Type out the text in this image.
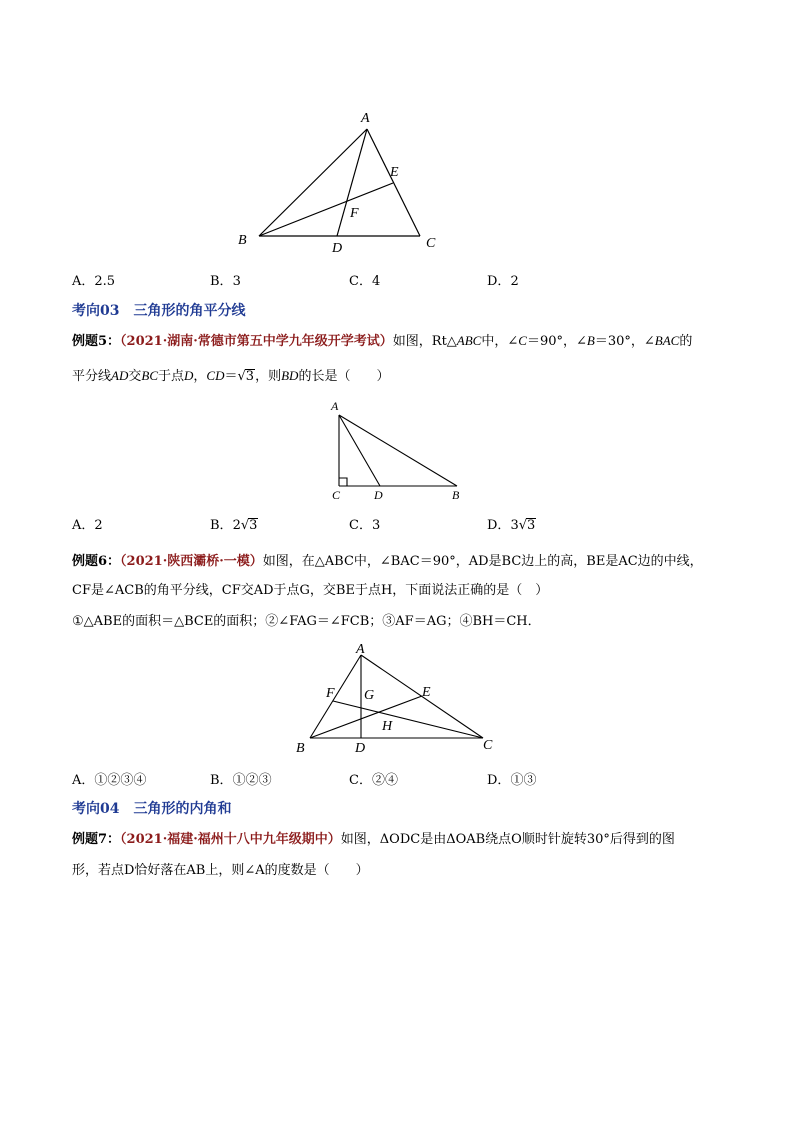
A
B	C
D
E
F
A．2.5	B．3	C．4	D．2
考向03　三角形的角平分线
例题5：（2021·湖南·常德市第五中学九年级开学考试）如图，Rt△ABC中，∠C＝90°，∠B＝30°，∠BAC的
平分线AD交BC于点D，CD＝√3，则BD的长是（　　）
A
C	D	B
A．2	B．2√3	C．3	D．3√3
例题6：（2021·陕西灞桥·一模）如图，在△ABC中，∠BAC＝90°，AD是BC边上的高，BE是AC边的中线，
CF是∠ACB的角平分线，CF交AD于点G，交BE于点H，下面说法正确的是（　）
①△ABE的面积＝△BCE的面积；②∠FAG＝∠FCB；③AF＝AG；④BH＝CH．
A
B	C
D
E
F G
H
A．①②③④	B．①②③	C．②④	D．①③
考向04　三角形的内角和
例题7：（2021·福建·福州十八中九年级期中）如图，ΔODC是由ΔOAB绕点O顺时针旋转30°后得到的图
形，若点D恰好落在AB上，则∠A的度数是（　　）
